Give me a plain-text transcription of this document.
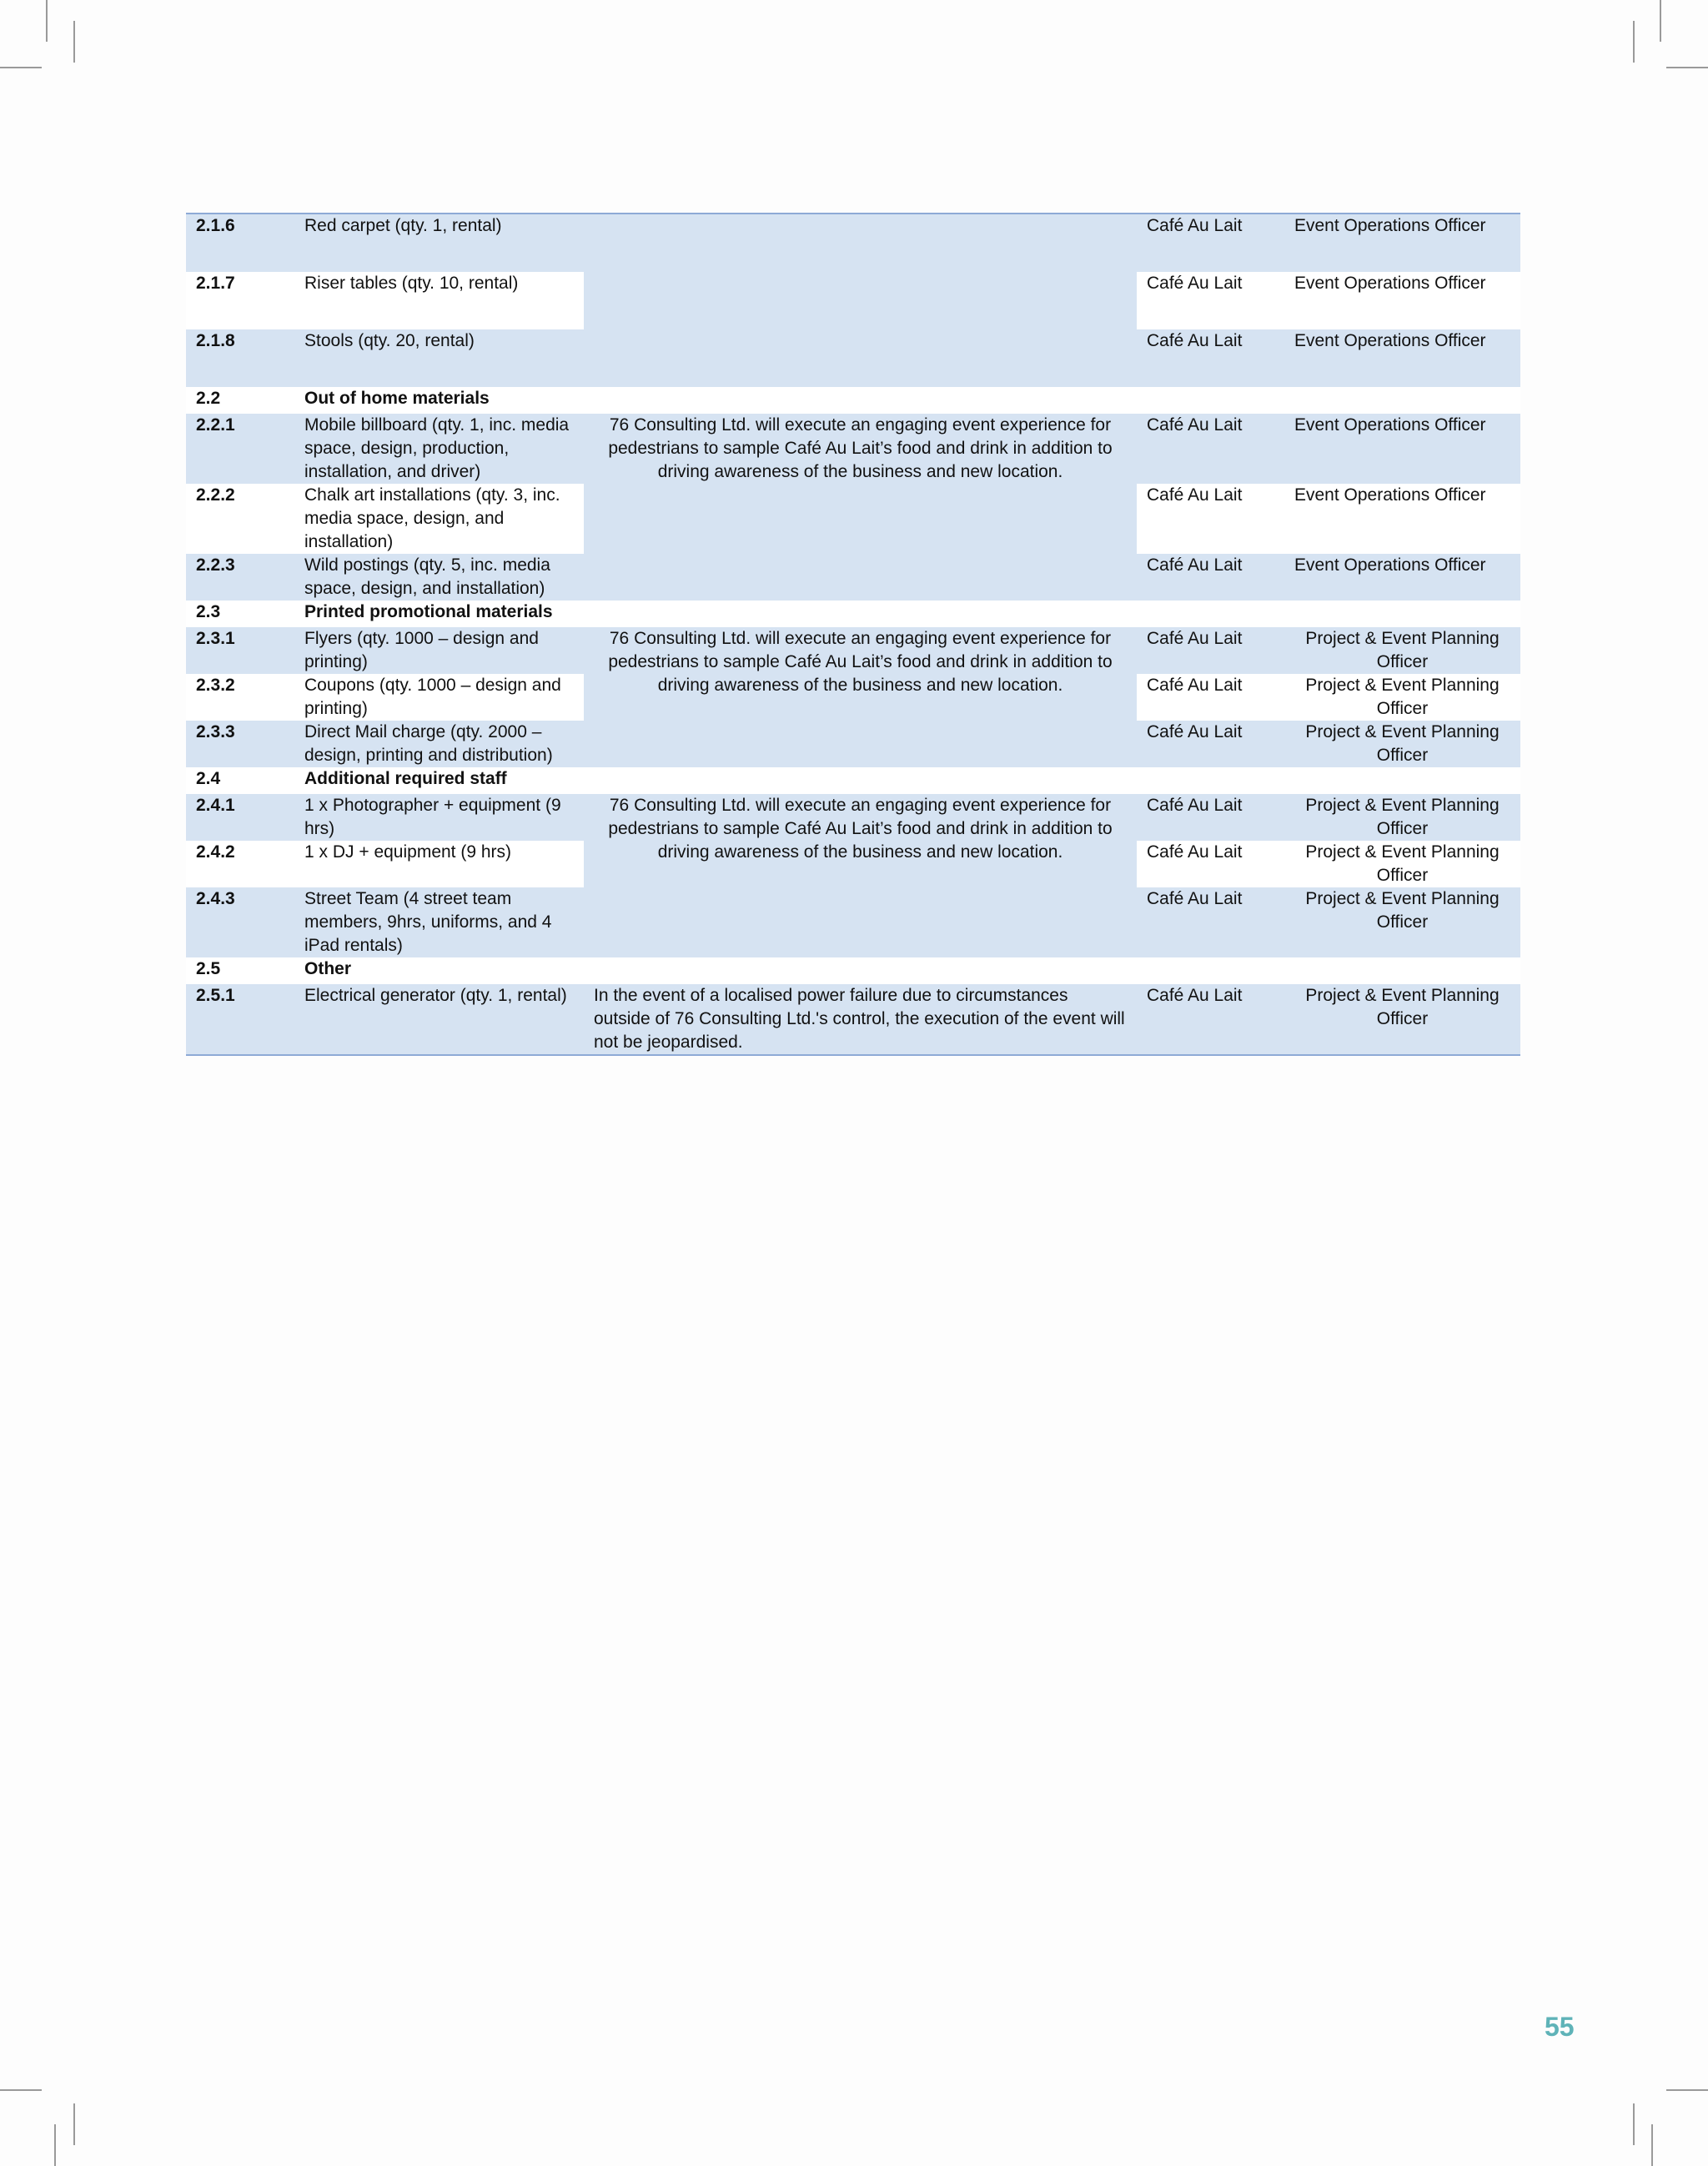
2.1.6	Red carpet (qty. 1, rental)		Café Au Lait	Event Operations Officer
2.1.7	Riser tables (qty. 10, rental)		Café Au Lait	Event Operations Officer
2.1.8	Stools (qty. 20, rental)		Café Au Lait	Event Operations Officer
2.2	Out of home materials			
2.2.1	Mobile billboard (qty. 1, inc. media space, design, production, installation, and driver)	76 Consulting Ltd. will execute an engaging event experience for pedestrians to sample Café Au Lait’s food and drink in addition to driving awareness of the business and new location.	Café Au Lait	Event Operations Officer
2.2.2	Chalk art installations (qty. 3, inc. media space, design, and installation)		Café Au Lait	Event Operations Officer
2.2.3	Wild postings (qty. 5, inc. media space, design, and installation)		Café Au Lait	Event Operations Officer
2.3	Printed promotional materials			
2.3.1	Flyers (qty. 1000 – design and printing)	76 Consulting Ltd. will execute an engaging event experience for pedestrians to sample Café Au Lait’s food and drink in addition to driving awareness of the business and new location.	Café Au Lait	Project & Event Planning Officer
2.3.2	Coupons (qty. 1000 – design and printing)		Café Au Lait	Project & Event Planning Officer
2.3.3	Direct Mail charge (qty. 2000 – design, printing and distribution)		Café Au Lait	Project & Event Planning Officer
2.4	Additional required staff			
2.4.1	1 x Photographer + equipment (9 hrs)	76 Consulting Ltd. will execute an engaging event experience for pedestrians to sample Café Au Lait’s food and drink in addition to driving awareness of the business and new location.	Café Au Lait	Project & Event Planning Officer
2.4.2	1 x DJ + equipment (9 hrs)		Café Au Lait	Project & Event Planning Officer
2.4.3	Street Team (4 street team members, 9hrs, uniforms, and 4 iPad rentals)		Café Au Lait	Project & Event Planning Officer
2.5	Other			
2.5.1	Electrical generator (qty. 1, rental)	In the event of a localised power failure due to circumstances outside of 76 Consulting Ltd.'s control, the execution of the event will not be jeopardised.	Café Au Lait	Project & Event Planning Officer
55
